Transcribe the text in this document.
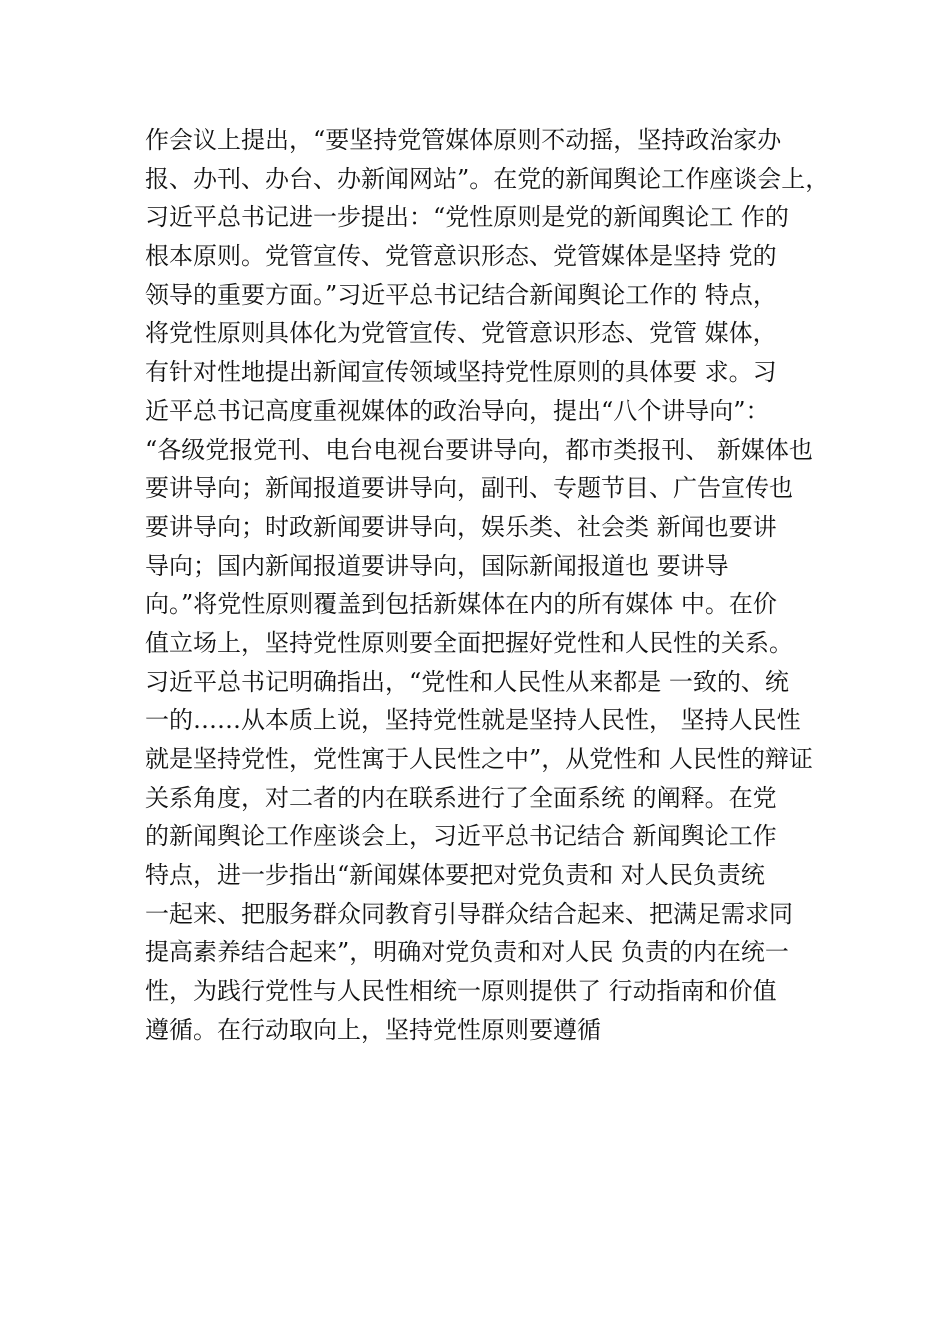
作会议上提出，“要坚持党管媒体原则不动摇，坚持政治家办
报、办刊、办台、办新闻网站”。在党的新闻舆论工作座谈会上，
习近平总书记进一步提出：“党性原则是党的新闻舆论工 作的
根本原则。党管宣传、党管意识形态、党管媒体是坚持 党的
领导的重要方面。”习近平总书记结合新闻舆论工作的 特点，
将党性原则具体化为党管宣传、党管意识形态、党管 媒体，
有针对性地提出新闻宣传领域坚持党性原则的具体要 求。习
近平总书记高度重视媒体的政治导向，提出“八个讲导向”：
“各级党报党刊、电台电视台要讲导向，都市类报刊、 新媒体也
要讲导向；新闻报道要讲导向，副刊、专题节目、广告宣传也
要讲导向；时政新闻要讲导向，娱乐类、社会类 新闻也要讲
导向；国内新闻报道要讲导向，国际新闻报道也 要讲导
向。”将党性原则覆盖到包括新媒体在内的所有媒体 中。在价
值立场上，坚持党性原则要全面把握好党性和人民性的关系。
习近平总书记明确指出，“党性和人民性从来都是 一致的、统
一的……从本质上说，坚持党性就是坚持人民性， 坚持人民性
就是坚持党性，党性寓于人民性之中”，从党性和 人民性的辩证
关系角度，对二者的内在联系进行了全面系统 的阐释。在党
的新闻舆论工作座谈会上，习近平总书记结合 新闻舆论工作
特点，进一步指出“新闻媒体要把对党负责和 对人民负责统
一起来、把服务群众同教育引导群众结合起来、把满足需求同
提高素养结合起来”，明确对党负责和对人民 负责的内在统一
性，为践行党性与人民性相统一原则提供了 行动指南和价值
遵循。在行动取向上，坚持党性原则要遵循
